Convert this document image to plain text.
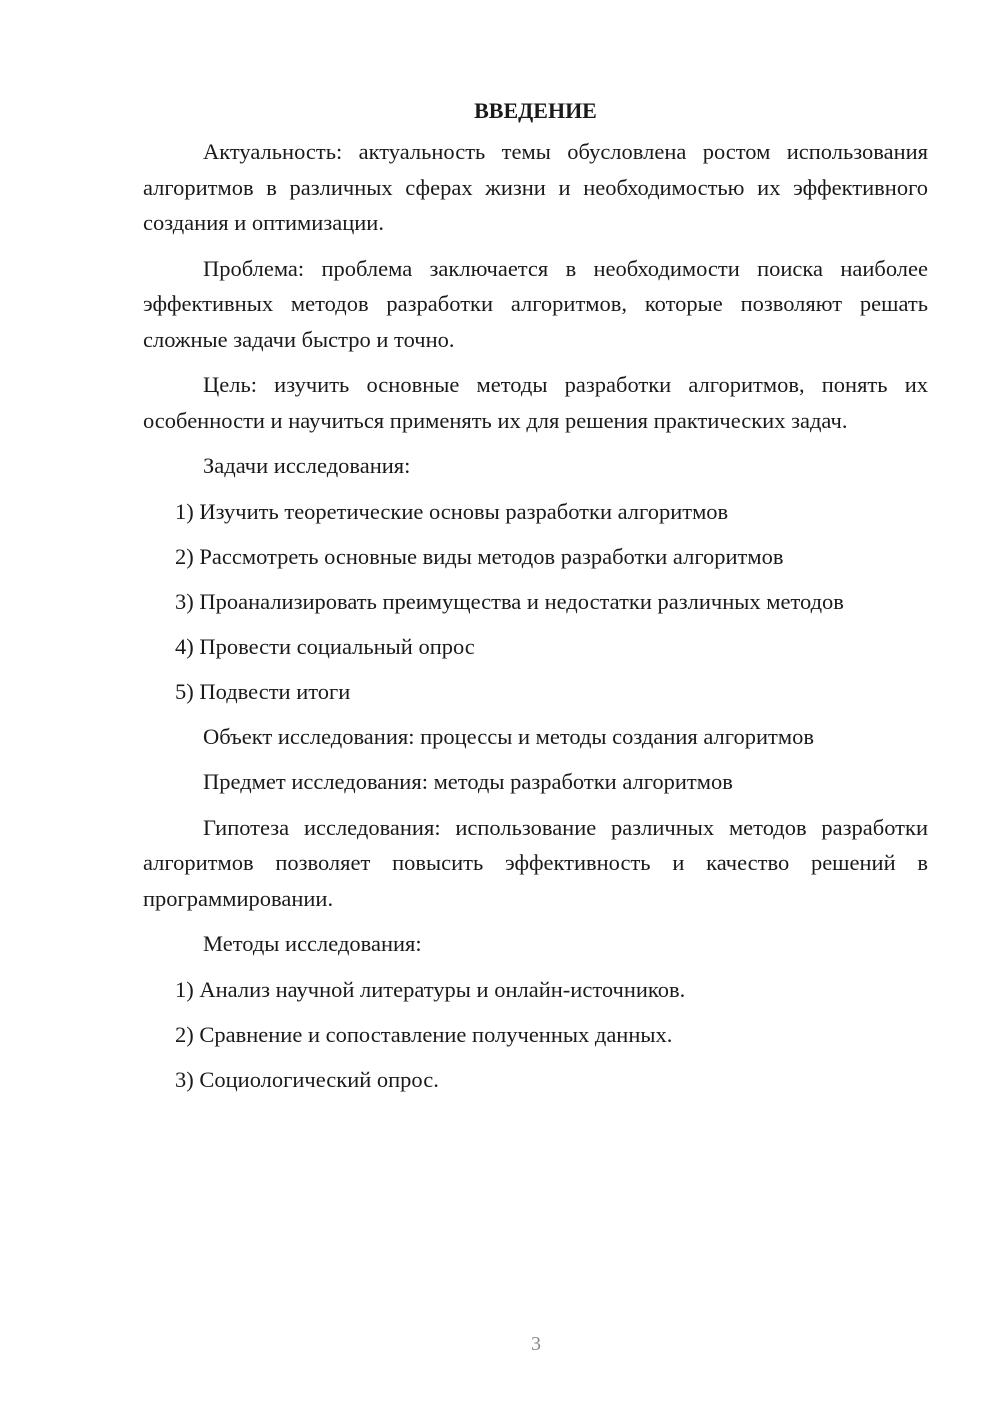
ВВЕДЕНИЕ

Актуальность: актуальность темы обусловлена ростом использования алгоритмов в различных сферах жизни и необходимостью их эффективного создания и оптимизации.

Проблема: проблема заключается в необходимости поиска наиболее эффективных методов разработки алгоритмов, которые позволяют решать сложные задачи быстро и точно.

Цель: изучить основные методы разработки алгоритмов, понять их особенности и научиться применять их для решения практических задач.

Задачи исследования:

1) Изучить теоретические основы разработки алгоритмов
2) Рассмотреть основные виды методов разработки алгоритмов
3) Проанализировать преимущества и недостатки различных методов
4) Провести социальный опрос
5) Подвести итоги

Объект исследования: процессы и методы создания алгоритмов

Предмет исследования: методы разработки алгоритмов

Гипотеза исследования: использование различных методов разработки алгоритмов позволяет повысить эффективность и качество решений в программировании.

Методы исследования:

1) Анализ научной литературы и онлайн-источников.
2) Сравнение и сопоставление полученных данных.
3) Социологический опрос.
3
